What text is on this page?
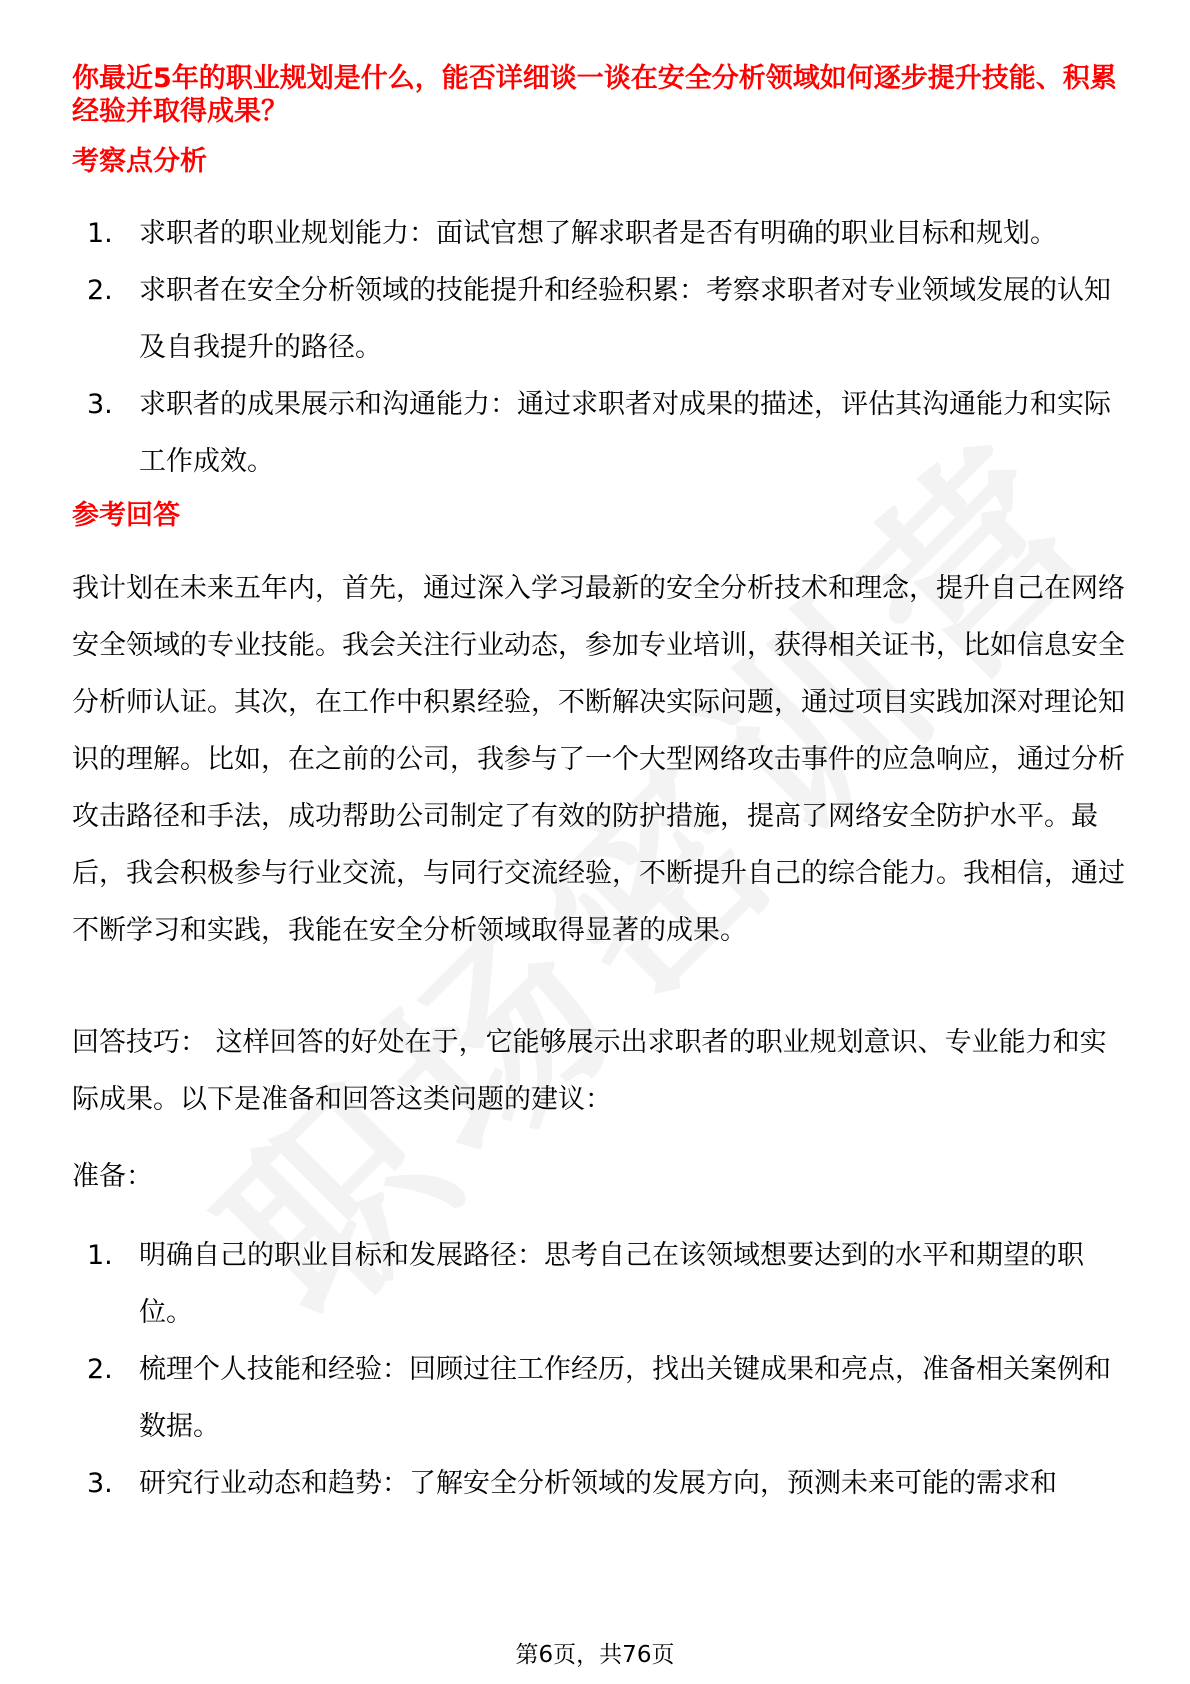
你最近5年的职业规划是什么，能否详细谈一谈在安全分析领域如何逐步提升技能、积累经验并取得成果？
考察点分析
1. 求职者的职业规划能力：面试官想了解求职者是否有明确的职业目标和规划。
2. 求职者在安全分析领域的技能提升和经验积累：考察求职者对专业领域发展的认知及自我提升的路径。
3. 求职者的成果展示和沟通能力：通过求职者对成果的描述，评估其沟通能力和实际工作成效。
参考回答

我计划在未来五年内，首先，通过深入学习最新的安全分析技术和理念，提升自己在网络安全领域的专业技能。我会关注行业动态，参加专业培训，获得相关证书，比如信息安全分析师认证。其次，在工作中积累经验，不断解决实际问题，通过项目实践加深对理论知识的理解。比如，在之前的公司，我参与了一个大型网络攻击事件的应急响应，通过分析攻击路径和手法，成功帮助公司制定了有效的防护措施，提高了网络安全防护水平。最后，我会积极参与行业交流，与同行交流经验，不断提升自己的综合能力。我相信，通过不断学习和实践，我能在安全分析领域取得显著的成果。

回答技巧： 这样回答的好处在于，它能够展示出求职者的职业规划意识、专业能力和实际成果。以下是准备和回答这类问题的建议：

准备：

1. 明确自己的职业目标和发展路径：思考自己在该领域想要达到的水平和期望的职位。
2. 梳理个人技能和经验：回顾过往工作经历，找出关键成果和亮点，准备相关案例和数据。
3. 研究行业动态和趋势：了解安全分析领域的发展方向，预测未来可能的需求和
第6页，共76页
